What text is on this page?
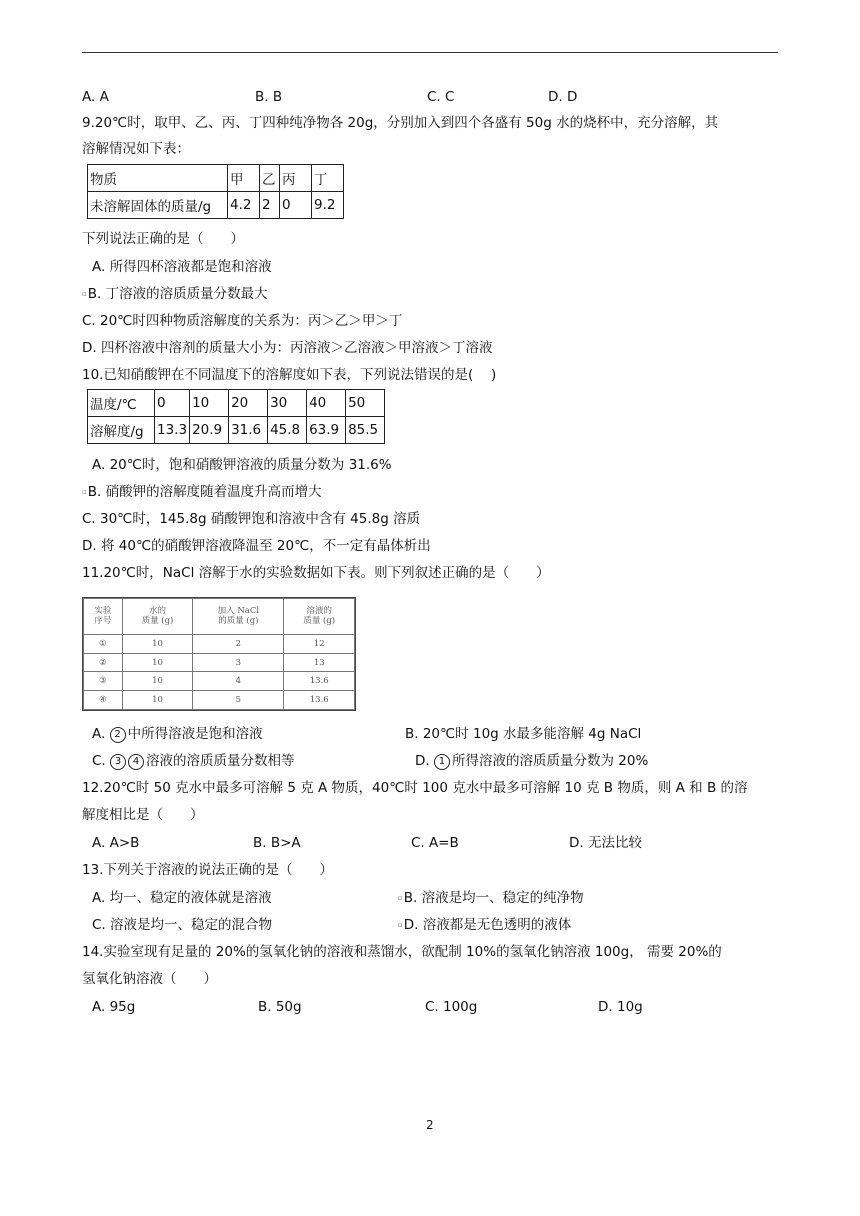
A. A	B. B	C. C	D. D
9.20℃时，取甲、乙、丙、丁四种纯净物各 20g，分别加入到四个各盛有 50g 水的烧杯中，充分溶解，其
溶解情况如下表：
物质	甲	乙	丙	丁
未溶解固体的质量/g	4.2	2	0	9.2
下列说法正确的是（　　）
A. 所得四杯溶液都是饱和溶液
▫B. 丁溶液的溶质质量分数最大
C. 20℃时四种物质溶解度的关系为：丙＞乙＞甲＞丁
D. 四杯溶液中溶剂的质量大小为：丙溶液＞乙溶液＞甲溶液＞丁溶液
10.已知硝酸钾在不同温度下的溶解度如下表，下列说法错误的是(　 )
温度/℃	0	10	20	30	40	50
溶解度/g	13.3	20.9	31.6	45.8	63.9	85.5
A. 20℃时，饱和硝酸钾溶液的质量分数为 31.6%
▫B. 硝酸钾的溶解度随着温度升高而增大
C. 30℃时，145.8g 硝酸钾饱和溶液中含有 45.8g 溶质
D. 将 40℃的硝酸钾溶液降温至 20℃，不一定有晶体析出
11.20℃时，NaCl 溶解于水的实验数据如下表。则下列叙述正确的是（　　）
实验
序号	水的
质量 (g)	加入 NaCl
的质量 (g)	溶液的
质量 (g)
①	10	2	12
②	10	3	13
③	10	4	13.6
④	10	5	13.6
A. 2 中所得溶液是饱和溶液	B. 20℃时 10g 水最多能溶解 4g NaCl
C. 3 4 溶液的溶质质量分数相等	D. 1 所得溶液的溶质质量分数为 20%
12.20℃时 50 克水中最多可溶解 5 克 A 物质，40℃时 100 克水中最多可溶解 10 克 B 物质，则 A 和 B 的溶
解度相比是（　　）
A. A>B	B. B>A	C. A=B	D. 无法比较
13.下列关于溶液的说法正确的是（　　）
A. 均一、稳定的液体就是溶液	▫B. 溶液是均一、稳定的纯净物
C. 溶液是均一、稳定的混合物	▫D. 溶液都是无色透明的液体
14.实验室现有足量的 20%的氢氧化钠的溶液和蒸馏水，欲配制 10%的氢氧化钠溶液 100g， 需要 20%的
氢氧化钠溶液（　　）
A. 95g	B. 50g	C. 100g	D. 10g
2
